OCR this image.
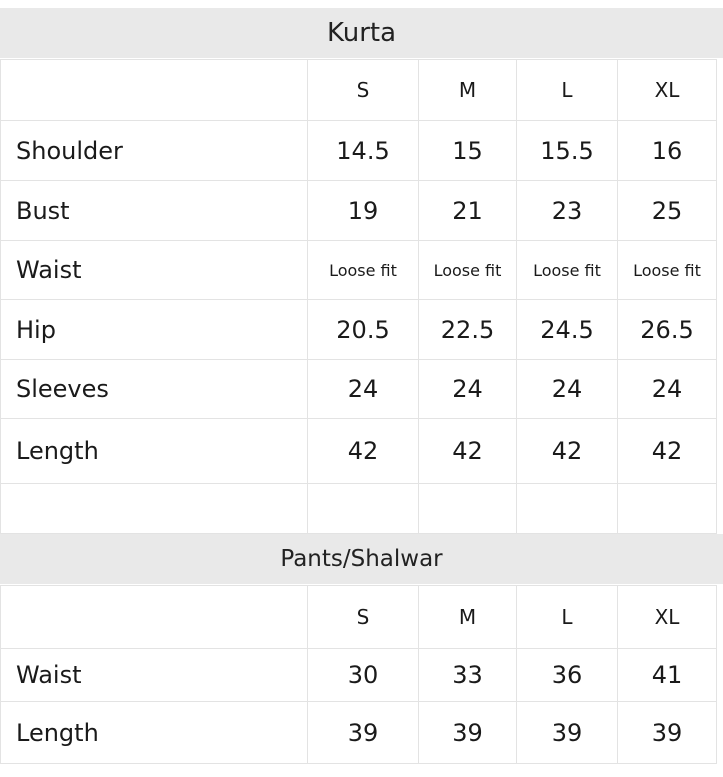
Kurta
	S	M	L	XL
Shoulder	14.5	15	15.5	16
Bust	19	21	23	25
Waist	Loose fit	Loose fit	Loose fit	Loose fit
Hip	20.5	22.5	24.5	26.5
Sleeves	24	24	24	24
Length	42	42	42	42

Pants/Shalwar
	S	M	L	XL
Waist	30	33	36	41
Length	39	39	39	39
